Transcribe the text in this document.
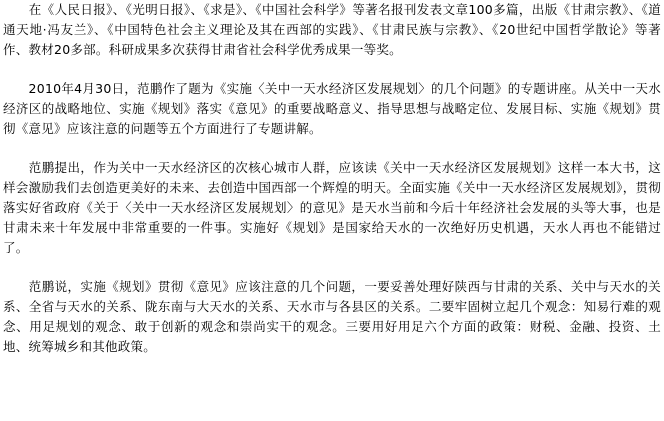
　　在《人民日报》、《光明日报》、《求是》、《中国社会科学》等著名报刊发表文章100多篇，出版《甘肃宗教》、《道通天地·冯友兰》、《中国特色社会主义理论及其在西部的实践》、《甘肃民族与宗教》、《20世纪中国哲学散论》等著作、教材20多部。科研成果多次获得甘肃省社会科学优秀成果一等奖。

　　2010年4月30日，范鹏作了题为《实施〈关中一天水经济区发展规划〉的几个问题》的专题讲座。从关中一天水经济区的战略地位、实施《规划》落实《意见》的重要战略意义、指导思想与战略定位、发展目标、实施《规划》贯彻《意见》应该注意的问题等五个方面进行了专题讲解。

　　范鹏提出，作为关中一天水经济区的次核心城市人群，应该读《关中一天水经济区发展规划》这样一本大书，这样会激励我们去创造更美好的未来、去创造中国西部一个辉煌的明天。全面实施《关中一天水经济区发展规划》，贯彻落实好省政府《关于〈关中一天水经济区发展规划〉的意见》是天水当前和今后十年经济社会发展的头等大事，也是甘肃未来十年发展中非常重要的一件事。实施好《规划》是国家给天水的一次绝好历史机遇，天水人再也不能错过了。

　　范鹏说，实施《规划》贯彻《意见》应该注意的几个问题，一要妥善处理好陕西与甘肃的关系、关中与天水的关系、全省与天水的关系、陇东南与大天水的关系、天水市与各县区的关系。二要牢固树立起几个观念：知易行难的观念、用足规划的观念、敢于创新的观念和崇尚实干的观念。三要用好用足六个方面的政策：财税、金融、投资、土地、统筹城乡和其他政策。
